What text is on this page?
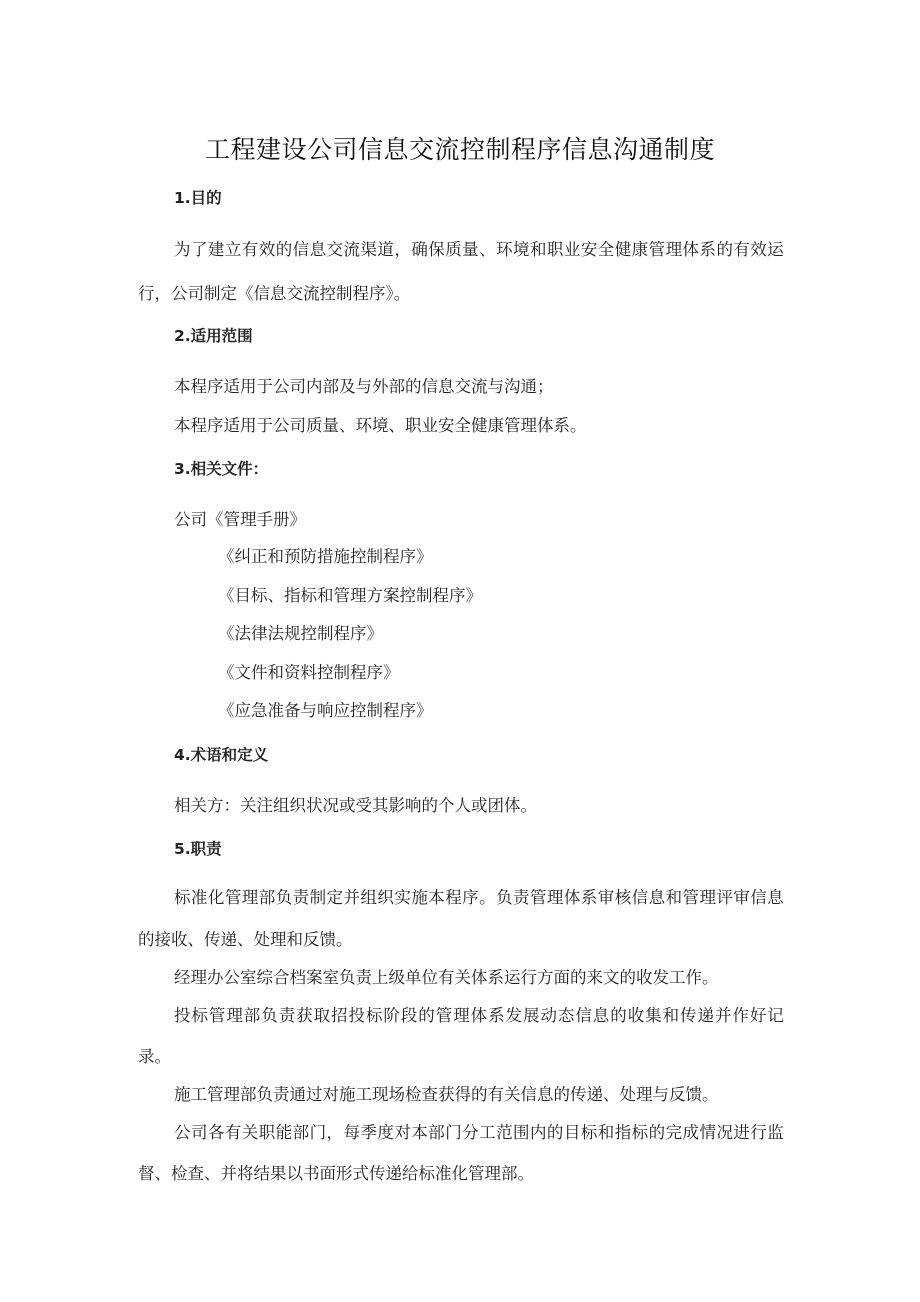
工程建设公司信息交流控制程序信息沟通制度
1.目的
为了建立有效的信息交流渠道，确保质量、环境和职业安全健康管理体系的有效运
行，公司制定《信息交流控制程序》。
2.适用范围
本程序适用于公司内部及与外部的信息交流与沟通；
本程序适用于公司质量、环境、职业安全健康管理体系。
3.相关文件：
公司《管理手册》
《纠正和预防措施控制程序》
《目标、指标和管理方案控制程序》
《法律法规控制程序》
《文件和资料控制程序》
《应急准备与响应控制程序》
4.术语和定义
相关方：关注组织状况或受其影响的个人或团体。
5.职责
标准化管理部负责制定并组织实施本程序。负责管理体系审核信息和管理评审信息
的接收、传递、处理和反馈。
经理办公室综合档案室负责上级单位有关体系运行方面的来文的收发工作。
投标管理部负责获取招投标阶段的管理体系发展动态信息的收集和传递并作好记
录。
施工管理部负责通过对施工现场检查获得的有关信息的传递、处理与反馈。
公司各有关职能部门，每季度对本部门分工范围内的目标和指标的完成情况进行监
督、检查、并将结果以书面形式传递给标准化管理部。
